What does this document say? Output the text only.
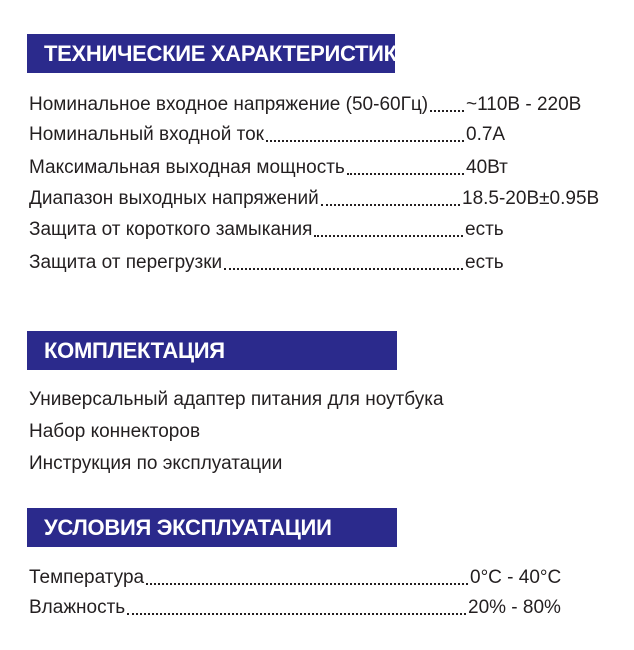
ТЕХНИЧЕСКИЕ ХАРАКТЕРИСТИКИ
Номинальное входное напряжение (50-60Гц) ~110В - 220В
Номинальный входной ток	0.7А
Максимальная выходная мощность	40Вт
Диапазон выходных напряжений	18.5-20В±0.95В
Защита от короткого замыкания	есть
Защита от перегрузки	есть
КОМПЛЕКТАЦИЯ
Универсальный адаптер питания для ноутбука
Набор коннекторов
Инструкция по эксплуатации
УСЛОВИЯ ЭКСПЛУАТАЦИИ
Температура	0°C - 40°C
Влажность	20% - 80%
